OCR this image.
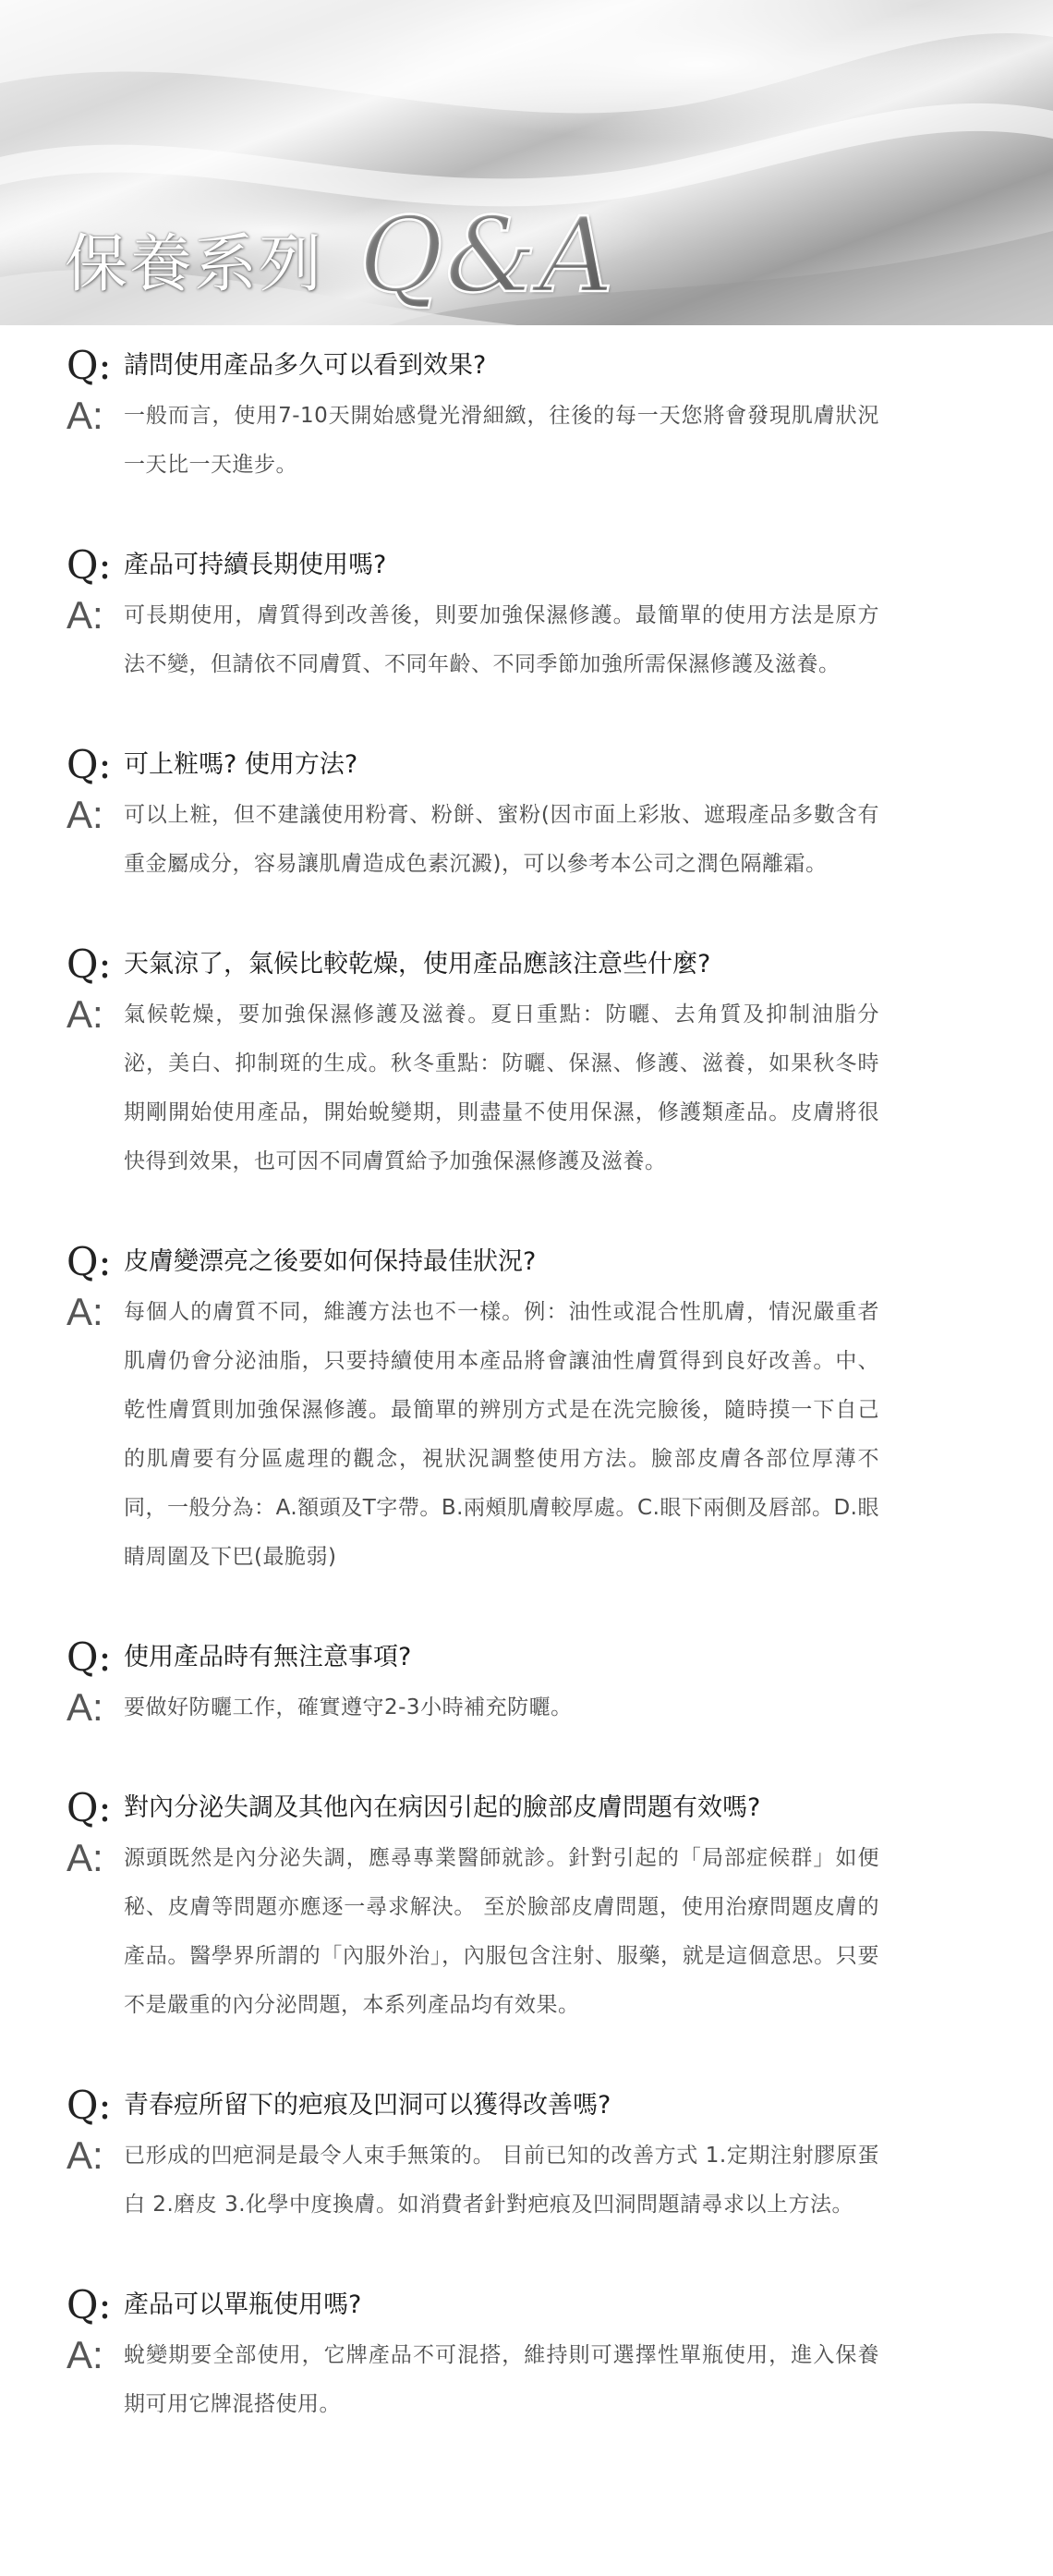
保養系列 Q&A
Q: 請問使用產品多久可以看到效果?
A: 一般而言，使用7-10天開始感覺光滑細緻，往後的每一天您將會發現肌膚狀況一天比一天進步。
Q: 產品可持續長期使用嗎?
A: 可長期使用，膚質得到改善後，則要加強保濕修護。最簡單的使用方法是原方法不變，但請依不同膚質、不同年齡、不同季節加強所需保濕修護及滋養。
Q: 可上粧嗎? 使用方法?
A: 可以上粧，但不建議使用粉膏、粉餅、蜜粉(因市面上彩妝、遮瑕產品多數含有重金屬成分，容易讓肌膚造成色素沉澱)，可以參考本公司之潤色隔離霜。
Q: 天氣涼了，氣候比較乾燥，使用產品應該注意些什麼?
A: 氣候乾燥，要加強保濕修護及滋養。夏日重點：防曬、去角質及抑制油脂分泌，美白、抑制斑的生成。秋冬重點：防曬、保濕、修護、滋養，如果秋冬時期剛開始使用產品，開始蛻變期，則盡量不使用保濕，修護類產品。皮膚將很快得到效果，也可因不同膚質給予加強保濕修護及滋養。
Q: 皮膚變漂亮之後要如何保持最佳狀況?
A: 每個人的膚質不同，維護方法也不一樣。例：油性或混合性肌膚，情況嚴重者肌膚仍會分泌油脂，只要持續使用本產品將會讓油性膚質得到良好改善。中、乾性膚質則加強保濕修護。最簡單的辨別方式是在洗完臉後，隨時摸一下自己的肌膚要有分區處理的觀念，視狀況調整使用方法。臉部皮膚各部位厚薄不同，一般分為：A.額頭及T字帶。B.兩頰肌膚較厚處。C.眼下兩側及唇部。D.眼睛周圍及下巴(最脆弱)
Q: 使用產品時有無注意事項?
A: 要做好防曬工作，確實遵守2-3小時補充防曬。
Q: 對內分泌失調及其他內在病因引起的臉部皮膚問題有效嗎?
A: 源頭既然是內分泌失調，應尋專業醫師就診。針對引起的「局部症候群」如便秘、皮膚等問題亦應逐一尋求解決。 至於臉部皮膚問題，使用治療問題皮膚的產品。醫學界所謂的「內服外治」，內服包含注射、服藥，就是這個意思。只要不是嚴重的內分泌問題，本系列產品均有效果。
Q: 青春痘所留下的疤痕及凹洞可以獲得改善嗎?
A: 已形成的凹疤洞是最令人束手無策的。 目前已知的改善方式 1.定期注射膠原蛋白 2.磨皮 3.化學中度換膚。如消費者針對疤痕及凹洞問題請尋求以上方法。
Q: 產品可以單瓶使用嗎?
A: 蛻變期要全部使用，它牌產品不可混搭，維持則可選擇性單瓶使用，進入保養期可用它牌混搭使用。
